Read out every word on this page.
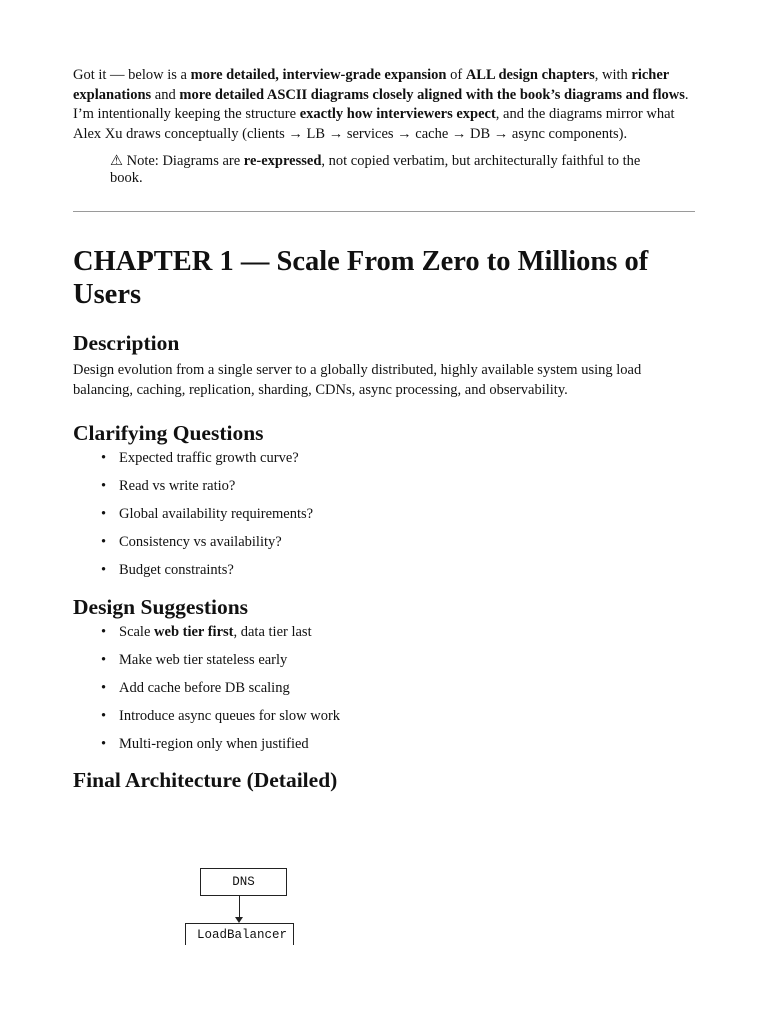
Got it — below is a more detailed, interview-grade expansion of ALL design chapters, with richer explanations and more detailed ASCII diagrams closely aligned with the book’s diagrams and flows.

I’m intentionally keeping the structure exactly how interviewers expect, and the diagrams mirror what Alex Xu draws conceptually (clients → LB → services → cache → DB → async components).

⚠ Note: Diagrams are re-expressed, not copied verbatim, but architecturally faithful to the book.

CHAPTER 1 — Scale From Zero to Millions of Users
Description

Design evolution from a single server to a globally distributed, highly available system using load balancing, caching, replication, sharding, CDNs, async processing, and observability.

Clarifying Questions
• Expected traffic growth curve?
• Read vs write ratio?
• Global availability requirements?
• Consistency vs availability?
• Budget constraints?
Design Suggestions
• Scale web tier first, data tier last
• Make web tier stateless early
• Add cache before DB scaling
• Introduce async queues for slow work
• Multi-region only when justified
Final Architecture (Detailed)
DNS
LoadBalancer
